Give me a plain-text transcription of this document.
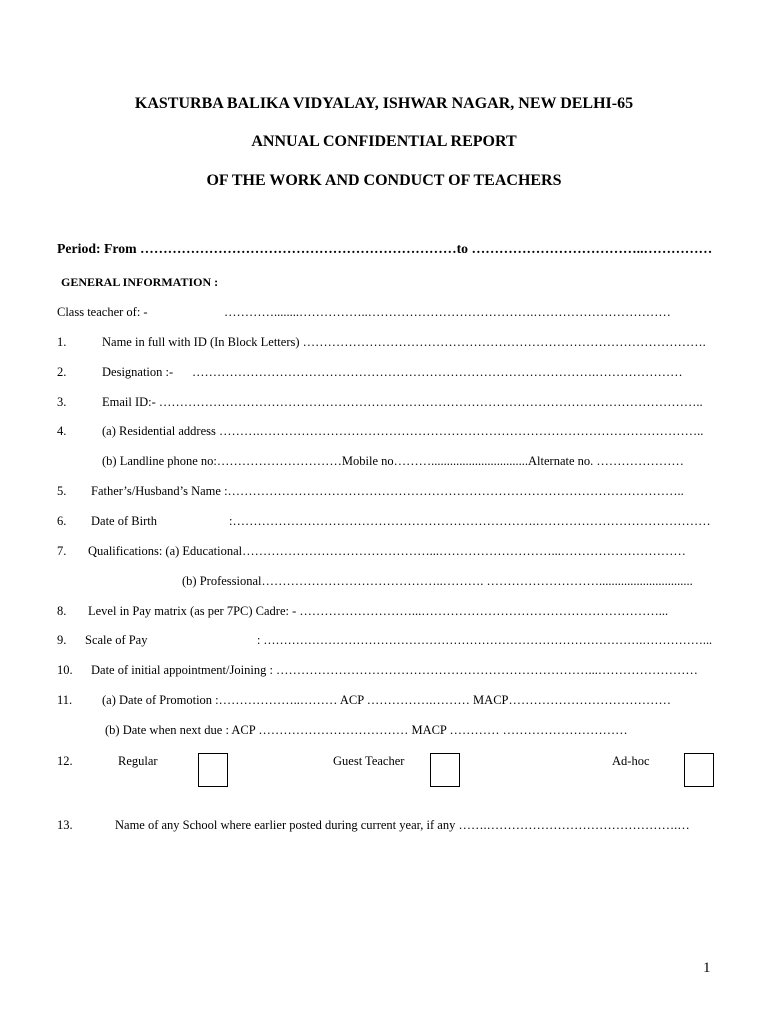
KASTURBA BALIKA VIDYALAY, ISHWAR NAGAR, NEW DELHI-65
ANNUAL CONFIDENTIAL REPORT
OF THE WORK AND CONDUCT OF TEACHERS
Period: From ……………………………………………………………to ………………………………..……………
GENERAL INFORMATION :
Class teacher of: -	…………........……………..………………………………….……………………………
1.	Name in full with ID (In Block Letters) …………………………………………………………………………………….
2.	Designation :- …………………………………………………………………………………….…………………
3.	Email ID:- …………………………………………………………………………………………………………………..
4.	(a) Residential address ……….……………………………………………………………………………………………..
(b) Landline phone no:…………………………Mobile no………...............................Alternate no. …………………
5. Father’s/Husband’s Name :………………………………………………………………………………………………..
6. Date of Birth	:……………………………………………………………….……………………………………
7. Qualifications: (a) Educational………………………………………...………………………...…………………………
(b) Professional……………………………………..………. ………………………..............................
8. Level in Pay matrix (as per 7PC) Cadre: - ………………………...…………………………………………………...
9. Scale of Pay	: ………………………………………………………………………………….……………...
10. Date of initial appointment/Joining : …………………………………………………………………...……………………
11. (a) Date of Promotion :………………..……… ACP …………….……… MACP…………………………………
(b) Date when next due : ACP ……………………………… MACP ………… …………………………
12.	Regular	Guest Teacher	Ad-hoc
13.	Name of any School where earlier posted during current year, if any …….……………………………………….…
1
